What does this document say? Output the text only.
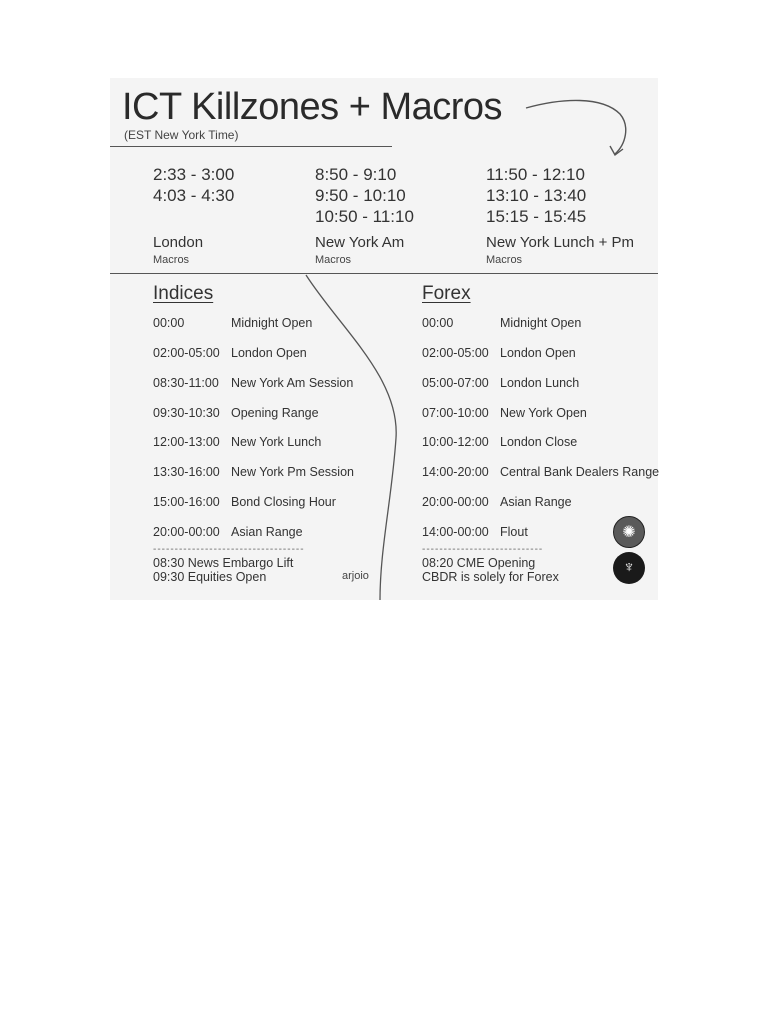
ICT Killzones + Macros
(EST New York Time)
2:33 - 3:00
4:03 - 4:30
London
Macros
8:50 - 9:10
9:50 - 10:10
10:50 - 11:10
New York Am
Macros
11:50 - 12:10
13:10 - 13:40
15:15 - 15:45
New York Lunch + Pm
Macros
Indices
00:00	Midnight Open
02:00-05:00 London Open
08:30-11:00 New York Am Session
09:30-10:30 Opening Range
12:00-13:00 New York Lunch
13:30-16:00 New York Pm Session
15:00-16:00 Bond Closing Hour
20:00-00:00 Asian Range
-----------------------------------
08:30 News Embargo Lift
09:30 Equities Open	arjoio
Forex
00:00	Midnight Open
02:00-05:00 London Open
05:00-07:00 London Lunch
07:00-10:00 New York Open
10:00-12:00 London Close
14:00-20:00 Central Bank Dealers Range
20:00-00:00 Asian Range
14:00-00:00 Flout
----------------------------
08:20 CME Opening
CBDR is solely for Forex
✺
♆
